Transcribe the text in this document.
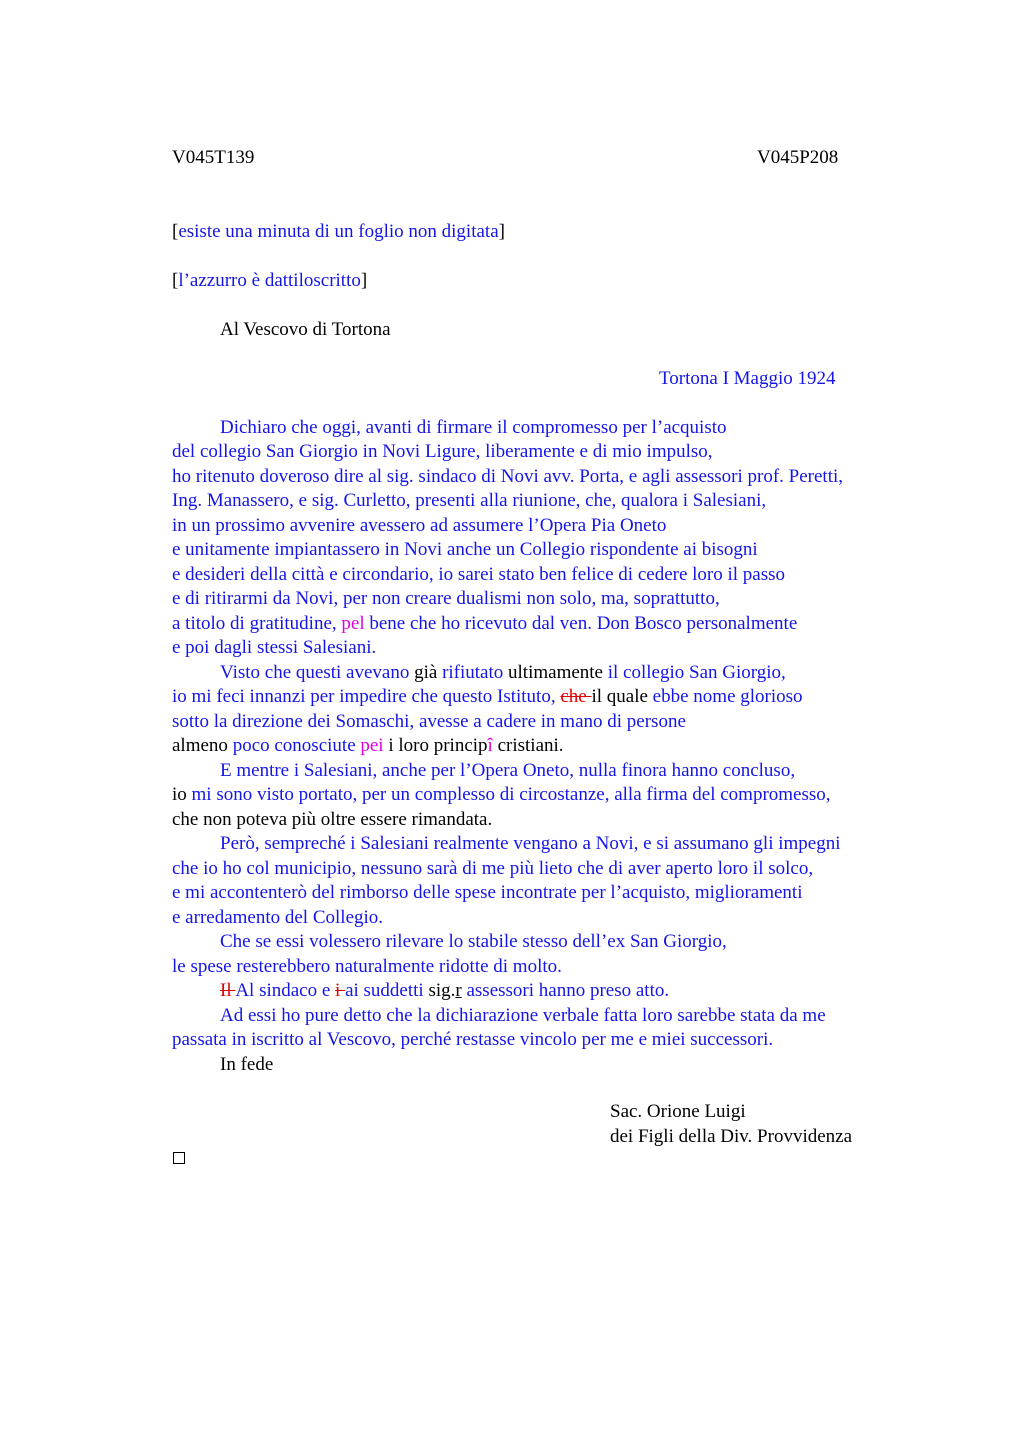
V045T139	V045P208
[esiste una minuta di un foglio non digitata]
[l’azzurro è dattiloscritto]
Al Vescovo di Tortona
Tortona I Maggio 1924
Dichiaro che oggi, avanti di firmare il compromesso per l’acquisto
del collegio San Giorgio in Novi Ligure, liberamente e di mio impulso,
ho ritenuto doveroso dire al sig. sindaco di Novi avv. Porta, e agli assessori prof. Peretti,
Ing. Manassero, e sig. Curletto, presenti alla riunione, che, qualora i Salesiani,
in un prossimo avvenire avessero ad assumere l’Opera Pia Oneto
e unitamente impiantassero in Novi anche un Collegio rispondente ai bisogni
e desideri della città e circondario, io sarei stato ben felice di cedere loro il passo
e di ritirarmi da Novi, per non creare dualismi non solo, ma, soprattutto,
a titolo di gratitudine, pel bene che ho ricevuto dal ven. Don Bosco personalmente
e poi dagli stessi Salesiani.
Visto che questi avevano già rifiutato ultimamente il collegio San Giorgio,
io mi feci innanzi per impedire che questo Istituto, che il quale ebbe nome glorioso
sotto la direzione dei Somaschi, avesse a cadere in mano di persone
almeno poco conosciute pei i loro principî cristiani.
E mentre i Salesiani, anche per l’Opera Oneto, nulla finora hanno concluso,
io mi sono visto portato, per un complesso di circostanze, alla firma del compromesso,
che non poteva più oltre essere rimandata.
Però, sempreché i Salesiani realmente vengano a Novi, e si assumano gli impegni
che io ho col municipio, nessuno sarà di me più lieto che di aver aperto loro il solco,
e mi accontenterò del rimborso delle spese incontrate per l’acquisto, miglioramenti
e arredamento del Collegio.
Che se essi volessero rilevare lo stabile stesso dell’ex San Giorgio,
le spese resterebbero naturalmente ridotte di molto.
Il Al sindaco e i ai suddetti sig.r assessori hanno preso atto.
Ad essi ho pure detto che la dichiarazione verbale fatta loro sarebbe stata da me
passata in iscritto al Vescovo, perché restasse vincolo per me e miei successori.
In fede
Sac. Orione Luigi
dei Figli della Div. Provvidenza
